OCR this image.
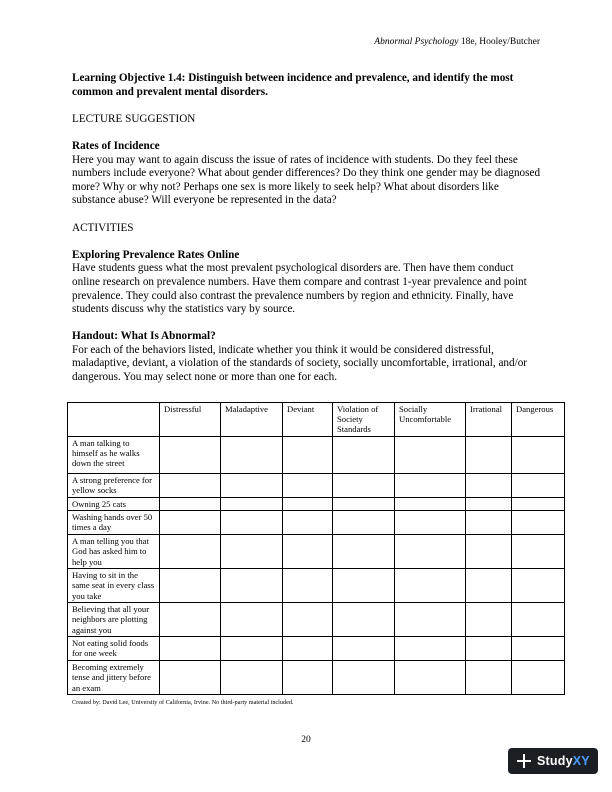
Abnormal Psychology 18e, Hooley/Butcher

Learning Objective 1.4: Distinguish between incidence and prevalence, and identify the most common and prevalent mental disorders.

LECTURE SUGGESTION

Rates of Incidence

Here you may want to again discuss the issue of rates of incidence with students. Do they feel these numbers include everyone? What about gender differences? Do they think one gender may be diagnosed more? Why or why not? Perhaps one sex is more likely to seek help? What about disorders like substance abuse? Will everyone be represented in the data?

ACTIVITIES

Exploring Prevalence Rates Online

Have students guess what the most prevalent psychological disorders are. Then have them conduct online research on prevalence numbers. Have them compare and contrast 1-year prevalence and point prevalence. They could also contrast the prevalence numbers by region and ethnicity. Finally, have students discuss why the statistics vary by source.

Handout: What Is Abnormal?

For each of the behaviors listed, indicate whether you think it would be considered distressful, maladaptive, deviant, a violation of the standards of society, socially uncomfortable, irrational, and/or dangerous. You may select none or more than one for each.

	Distressful	Maladaptive	Deviant	Violation of Society Standards	Socially Uncomfortable	Irrational	Dangerous
A man talking to himself as he walks down the street							
A strong preference for yellow socks							
Owning 25 cats							
Washing hands over 50 times a day							
A man telling you that God has asked him to help you							
Having to sit in the same seat in every class you take							
Believing that all your neighbors are plotting against you							
Not eating solid foods for one week							
Becoming extremely tense and jittery before an exam							
Created by: David Lee, University of California, Irvine. No third-party material included.
20
StudyXY
